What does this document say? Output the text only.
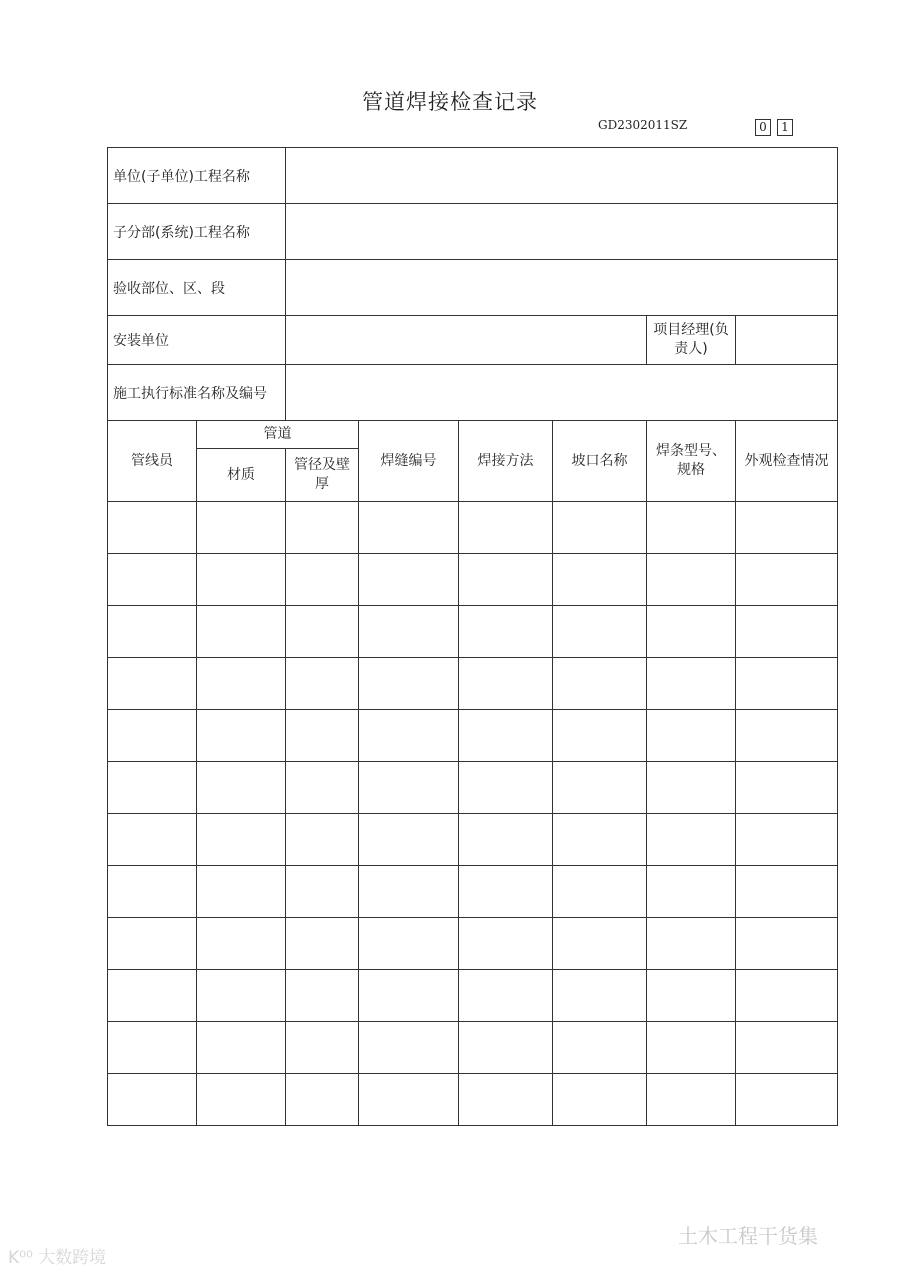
管道焊接检查记录
GD2302011SZ	0	1
单位(子单位)工程名称							
子分部(系统)工程名称							
验收部位、区、段							
安装单位						项目经理(负责人)	
施工执行标准名称及编号							
管线员	管道		焊缝编号	焊接方法	坡口名称	焊条型号、规格	外观检查情况
	材质	管径及壁厚					

K⁰⁰ 大数跨境
土木工程干货集
